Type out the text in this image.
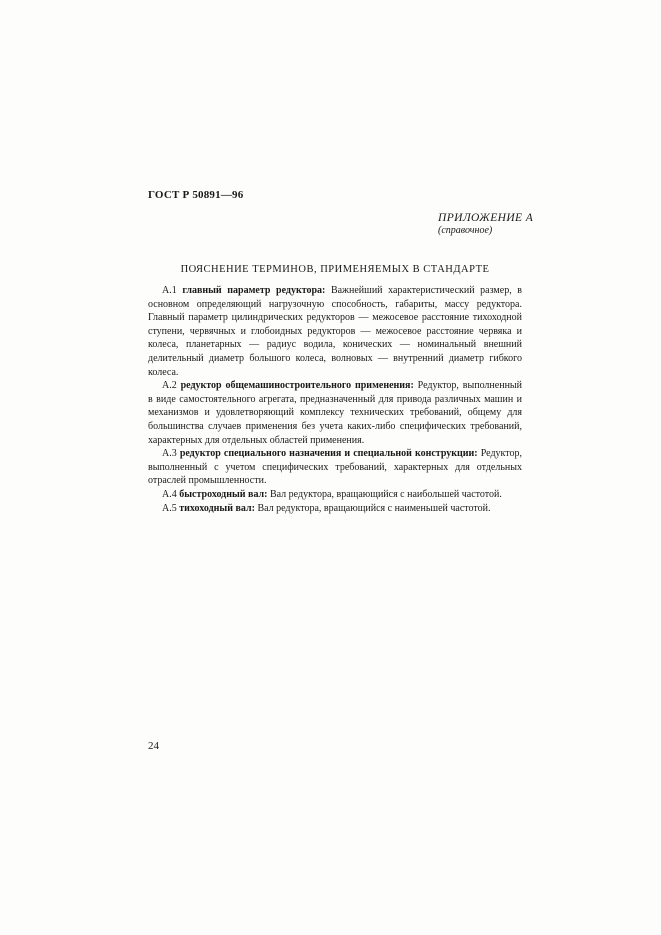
ГОСТ Р 50891—96
ПРИЛОЖЕНИЕ А
(справочное)
ПОЯСНЕНИЕ ТЕРМИНОВ, ПРИМЕНЯЕМЫХ В СТАНДАРТЕ

А.1 главный параметр редуктора: Важнейший характеристический размер, в основном определяющий нагрузочную способность, габариты, массу редуктора. Главный параметр цилиндрических редукторов — межосевое расстояние тихоходной ступени, червячных и глобоидных редукторов — межосевое расстояние червяка и колеса, планетарных — радиус водила, конических — номинальный внешний делительный диаметр большого колеса, волновых — внутренний диаметр гибкого колеса.

А.2 редуктор общемашиностроительного применения: Редуктор, выполненный в виде самостоятельного агрегата, предназначенный для привода различных машин и механизмов и удовлетворяющий комплексу технических требований, общему для большинства случаев применения без учета каких-либо специфических требований, характерных для отдельных областей применения.

А.3 редуктор специального назначения и специальной конструкции: Редуктор, выполненный с учетом специфических требований, характерных для отдельных отраслей промышленности.

А.4 быстроходный вал: Вал редуктора, вращающийся с наибольшей частотой.

А.5 тихоходный вал: Вал редуктора, вращающийся с наименьшей частотой.

24
